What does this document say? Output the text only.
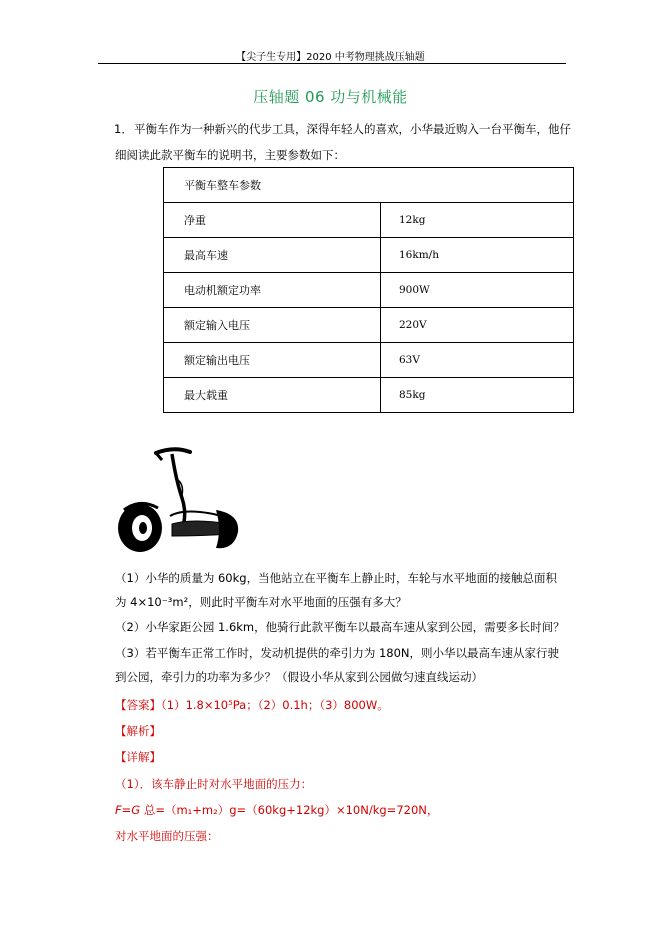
【尖子生专用】2020 中考物理挑战压轴题
压轴题 06 功与机械能
1． 平衡车作为一种新兴的代步工具，深得年轻人的喜欢，小华最近购入一台平衡车，他仔
细阅读此款平衡车的说明书，主要参数如下：
平衡车整车参数	
净重	12kg
最高车速	16km/h
电动机额定功率	900W
额定输入电压	220V
额定输出电压	63V
最大载重	85kg
（1）小华的质量为 60kg，当他站立在平衡车上静止时，车轮与水平地面的接触总面积
为 4×10⁻³m²，则此时平衡车对水平地面的压强有多大？
（2）小华家距公园 1.6km，他骑行此款平衡车以最高车速从家到公园，需要多长时间？
（3）若平衡车正常工作时，发动机提供的牵引力为 180N，则小华以最高车速从家行驶
到公园，牵引力的功率为多少？（假设小华从家到公园做匀速直线运动）
【答案】（1）1.8×10⁵Pa；（2）0.1h；（3）800W。
【解析】
【详解】
（1）．该车静止时对水平地面的压力：
F=G 总=（m₁+m₂）g=（60kg+12kg）×10N/kg=720N，
对水平地面的压强：
